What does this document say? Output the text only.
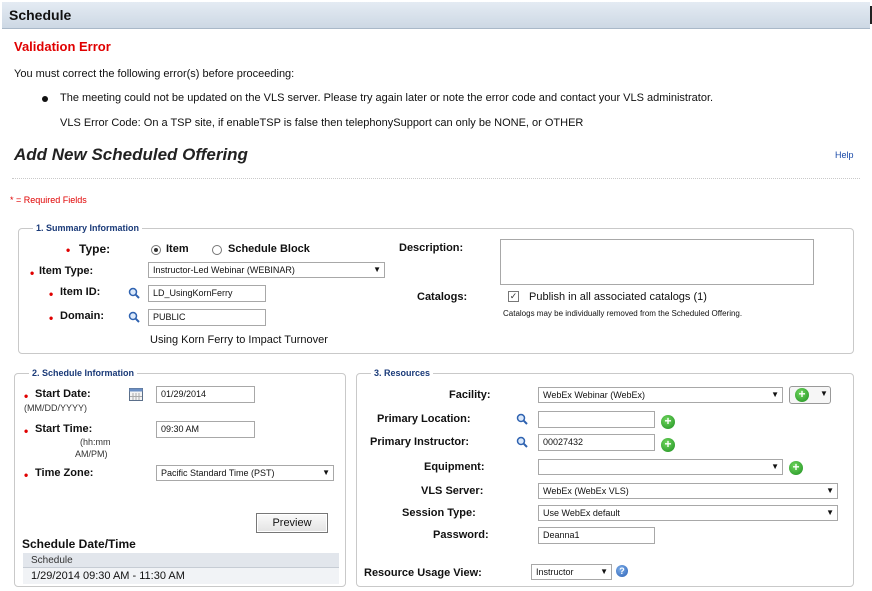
Schedule
Validation Error
You must correct the following error(s) before proceeding:
The meeting could not be updated on the VLS server. Please try again later or note the error code and contact your VLS administrator.
VLS Error Code: On a TSP site, if enableTSP is false then telephonySupport can only be NONE, or OTHER
Add New Scheduled Offering	Help
* = Required Fields
1. Summary Information
• Type:	Item	Schedule Block
• Item Type:	Instructor-Led Webinar (WEBINAR)	▼
• Item ID:	LD_UsingKornFerry
• Domain:	PUBLIC
Using Korn Ferry to Impact Turnover
Description:
Catalogs:	✓ Publish in all associated catalogs (1)
Catalogs may be individually removed from the Scheduled Offering.
2. Schedule Information
• Start Date:	01/29/2014
(MM/DD/YYYY)
• Start Time:	09:30 AM
(hh:mm
AM/PM)
• Time Zone:	Pacific Standard Time (PST)	▼
Preview
Schedule Date/Time
Schedule
1/29/2014 09:30 AM - 11:30 AM
3. Resources
Facility:	WebEx Webinar (WebEx)	▼ +	▼
Primary Location:	+
Primary Instructor:	00027432	+
Equipment:	▼ +
VLS Server:	WebEx (WebEx VLS)	▼
Session Type:	Use WebEx default	▼
Password:	Deanna1
Resource Usage View:	Instructor	▼	?
